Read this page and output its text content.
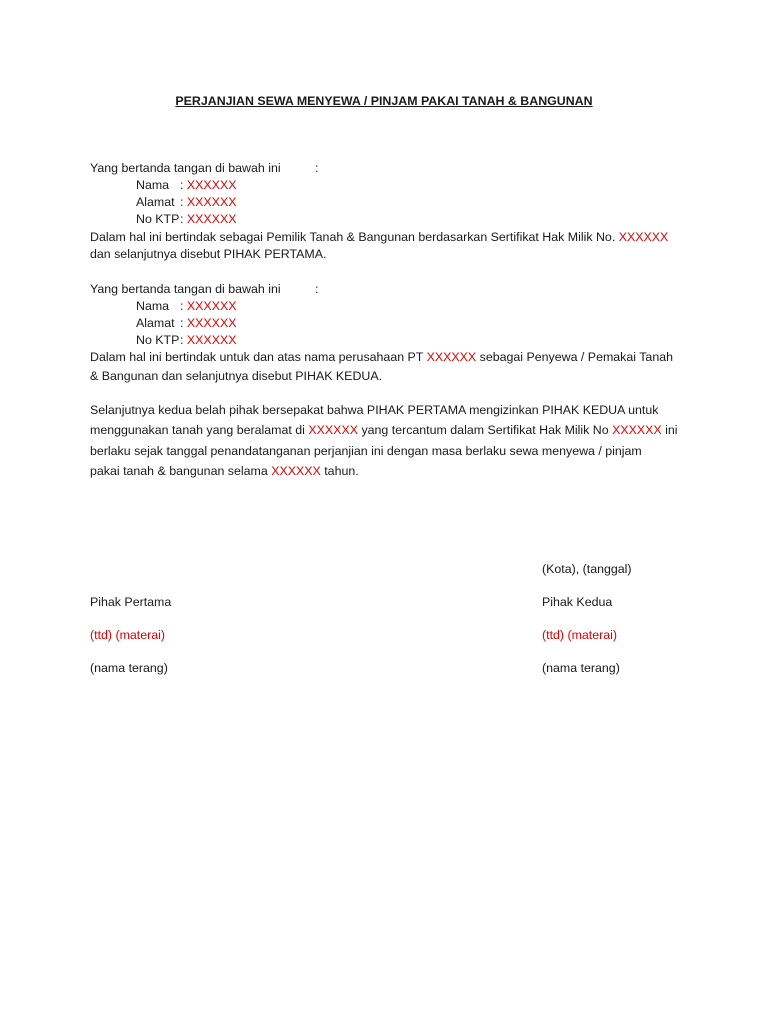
PERJANJIAN SEWA MENYEWA / PINJAM PAKAI TANAH & BANGUNAN
Yang bertanda tangan di bawah ini	:
Nama : XXXXXX
Alamat : XXXXXX
No KTP: XXXXXX
Dalam hal ini bertindak sebagai Pemilik Tanah & Bangunan berdasarkan Sertifikat Hak Milik No. XXXXXX
dan selanjutnya disebut PIHAK PERTAMA.
Yang bertanda tangan di bawah ini	:
Nama : XXXXXX
Alamat : XXXXXX
No KTP: XXXXXX
Dalam hal ini bertindak untuk dan atas nama perusahaan PT XXXXXX sebagai Penyewa / Pemakai Tanah
& Bangunan dan selanjutnya disebut PIHAK KEDUA.
Selanjutnya kedua belah pihak bersepakat bahwa PIHAK PERTAMA mengizinkan PIHAK KEDUA untuk
menggunakan tanah yang beralamat di XXXXXX yang tercantum dalam Sertifikat Hak Milik No XXXXXX ini
berlaku sejak tanggal penandatanganan perjanjian ini dengan masa berlaku sewa menyewa / pinjam
pakai tanah & bangunan selama XXXXXX tahun.
(Kota), (tanggal)
Pihak Pertama	Pihak Kedua
(ttd) (materai)	(ttd) (materai)
(nama terang)	(nama terang)
